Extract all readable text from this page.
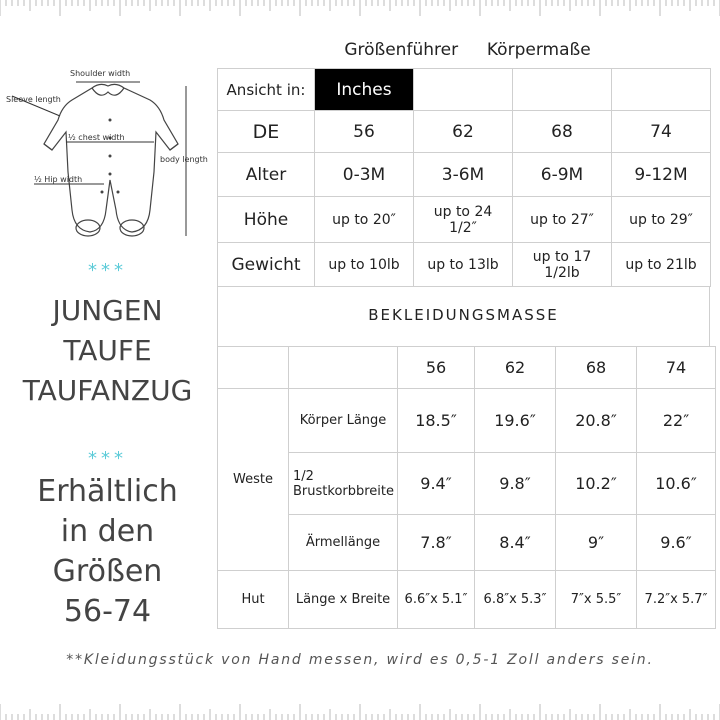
Shoulder width
Sleeve length
½ chest width
body length
½ Hip width
***
JUNGEN
TAUFE
TAUFANZUG
***
Erhältlich
in den
Größen
56-74
Größenführer Körpermaße
Ansicht in:	Inches			
DE	56	62	68	74
Alter	0-3M	3-6M	6-9M	9-12M
Höhe	up to 20″	up to 24 1/2″	up to 27″	up to 29″
Gewicht	up to 10lb	up to 13lb	up to 17 1/2lb	up to 21lb
BEKLEIDUNGSMASSE
		56	62	68	74
Weste	Körper Länge	18.5″	19.6″	20.8″	22″
	1/2 Brustkorbbreite	9.4″	9.8″	10.2″	10.6″
	Ärmellänge	7.8″	8.4″	9″	9.6″
Hut	Länge x Breite	6.6″x 5.1″	6.8″x 5.3″	7″x 5.5″	7.2″x 5.7″
**Kleidungsstück von Hand messen, wird es 0,5-1 Zoll anders sein.
